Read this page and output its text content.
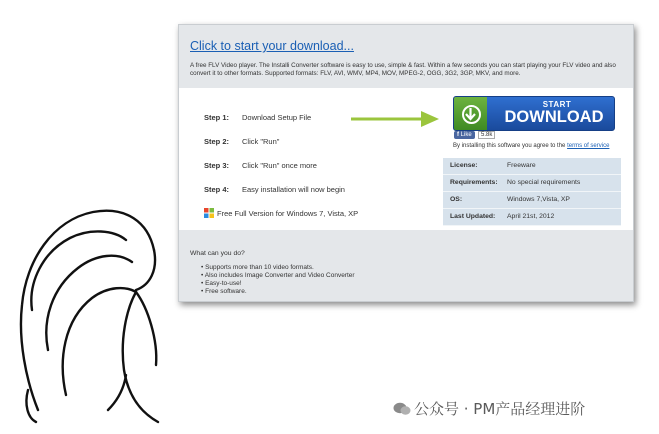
Click to start your download...
A free FLV Video player. The Installi Converter software is easy to use, simple & fast. Within a few seconds you can start playing your FLV video and also convert it to other formats. Supported formats: FLV, AVI, WMV, MP4, MOV, MPEG-2, OGG, 3G2, 3GP, MKV, and more.
Step 1: Download Setup File
Step 2: Click "Run"
Step 3: Click "Run" once more
Step 4: Easy installation will now begin
Free Full Version for Windows 7, Vista, XP
START
DOWNLOAD
f Like	5.8k
By installing this software you agree to the terms of service
License:	Freeware
Requirements: No special requirements
OS:	Windows 7,Vista, XP
Last Updated: April 21st, 2012
What can you do?
• Supports more than 10 video formats.
• Also includes Image Converter and Video Converter
• Easy-to-use!
• Free software.
公众号 · PM产品经理进阶
